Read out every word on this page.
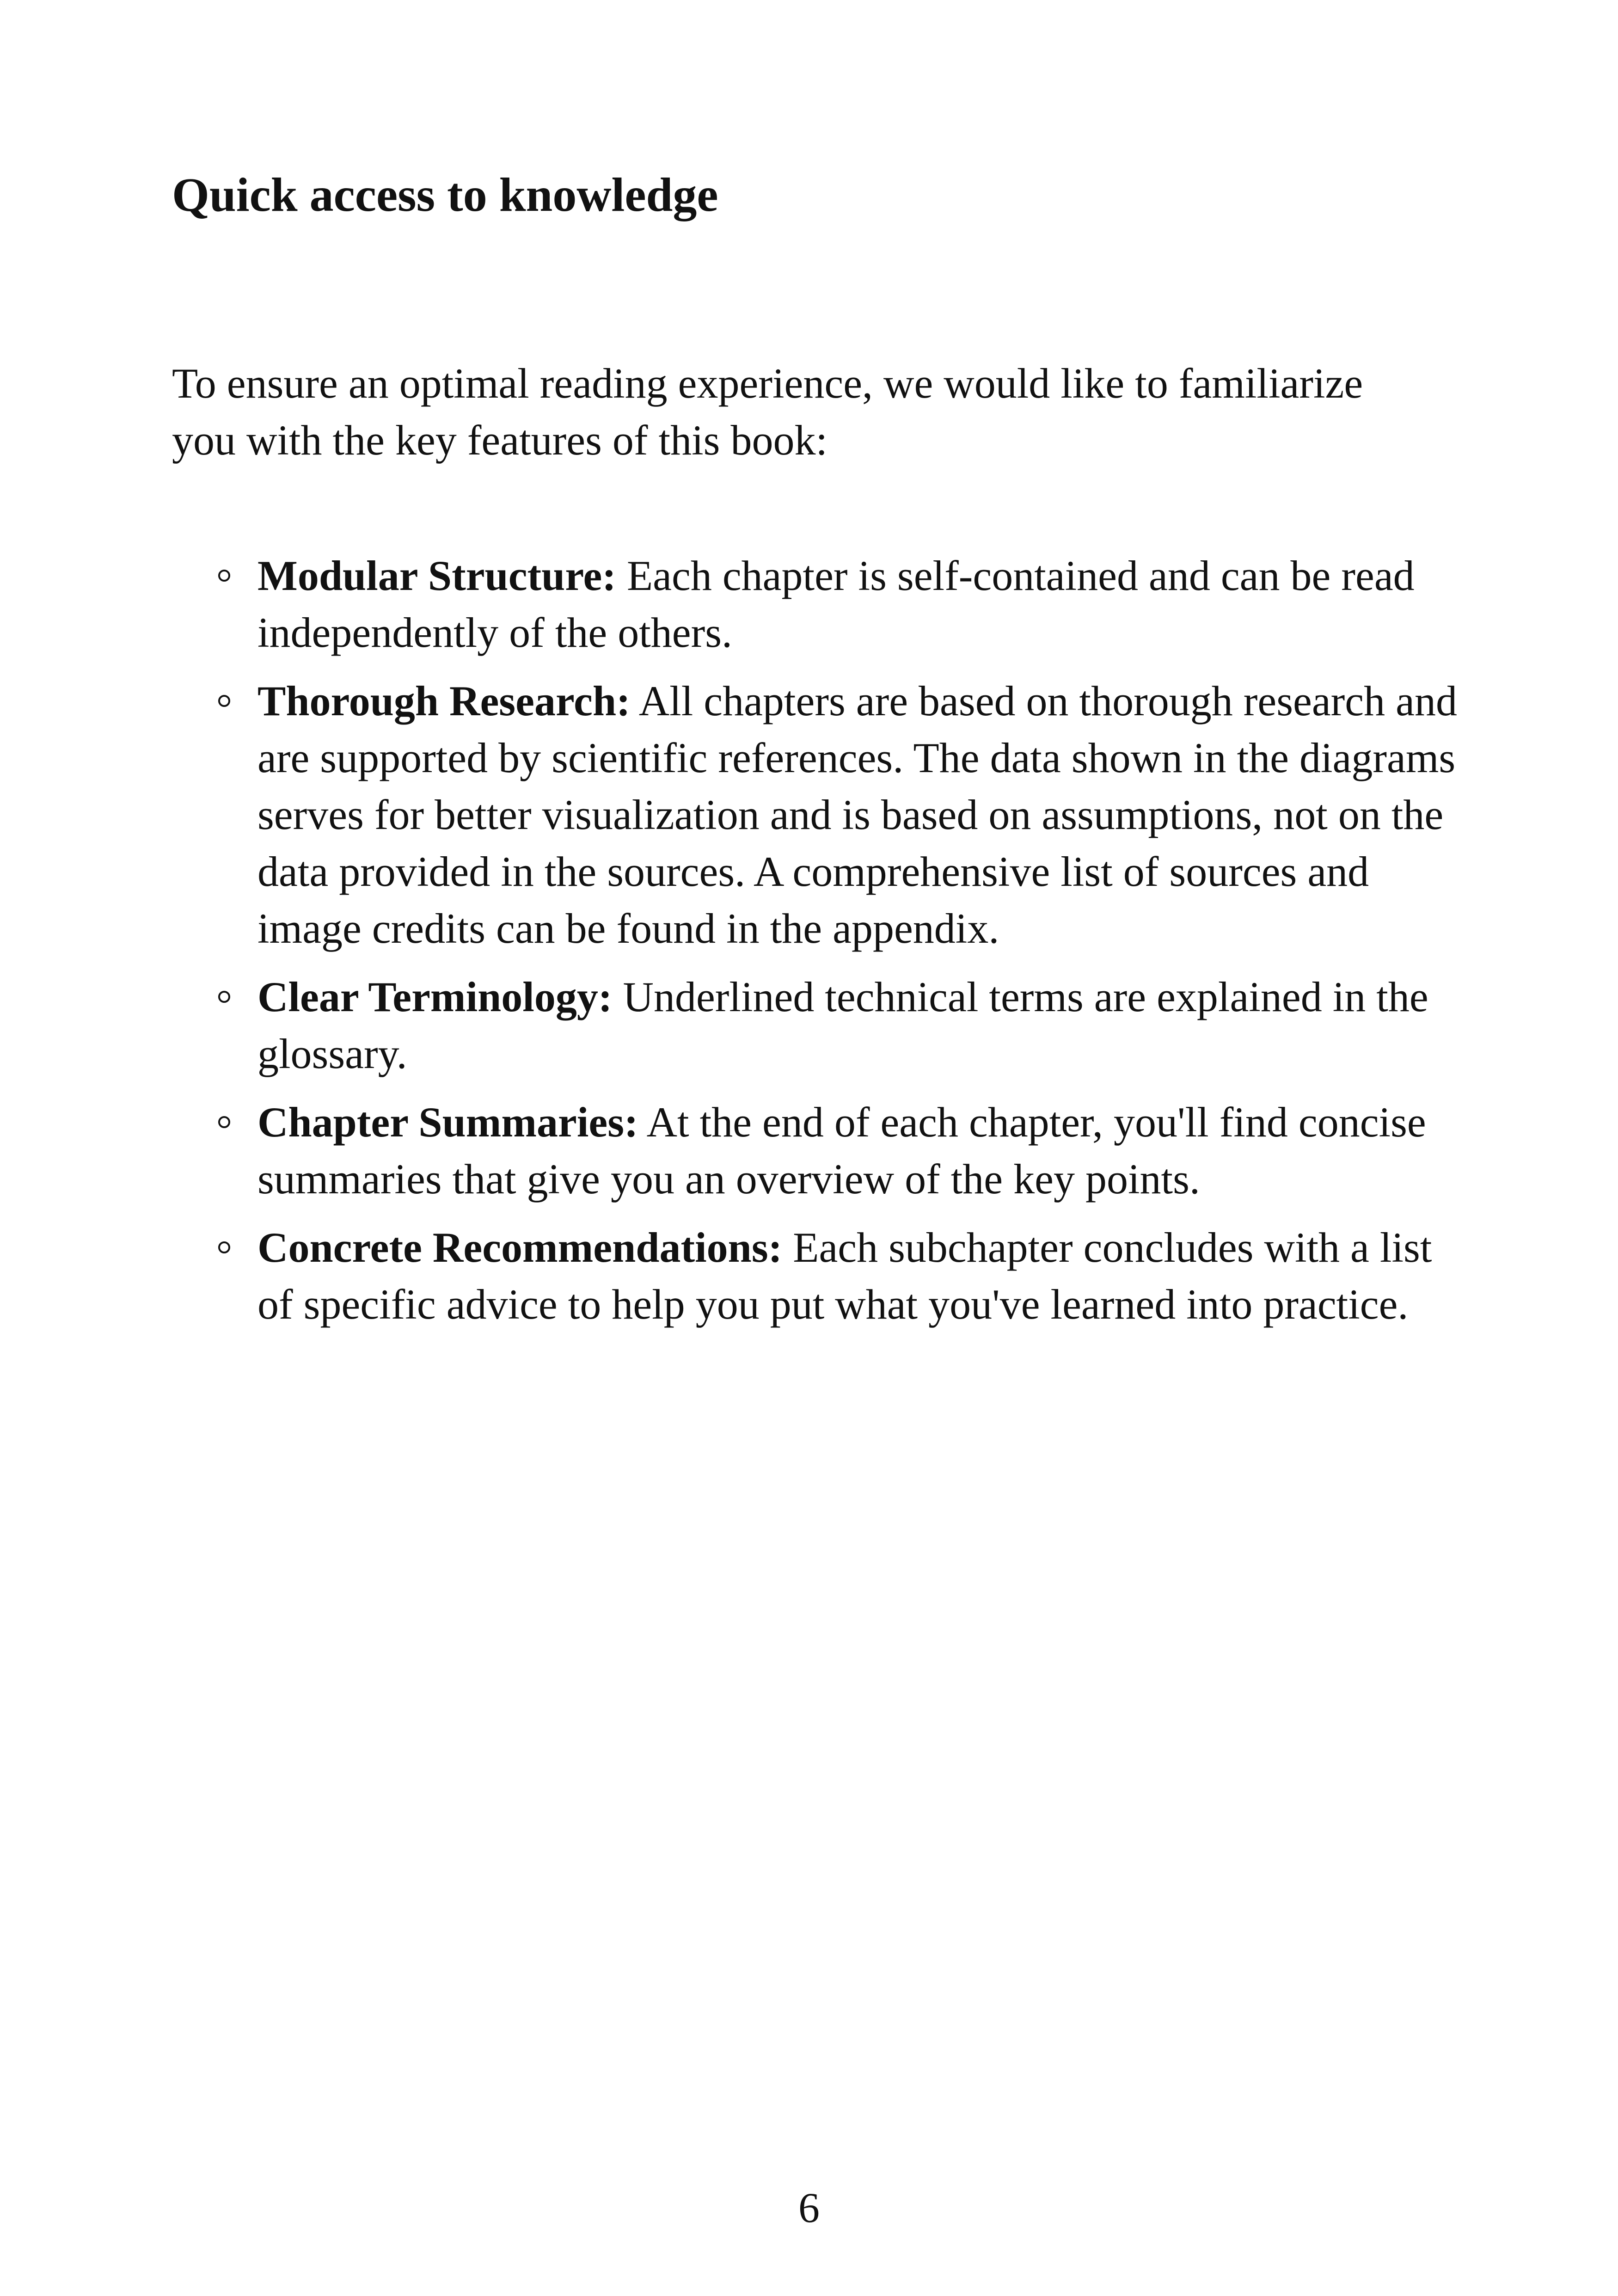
Quick access to knowledge

To ensure an optimal reading experience, we would like to familiarize you with the key features of this book:

Modular Structure: Each chapter is self-contained and can be read independently of the others.
Thorough Research: All chapters are based on thorough research and are supported by scientific references. The data shown in the diagrams serves for better visualization and is based on assumptions, not on the data provided in the sources. A comprehensive list of sources and image credits can be found in the appendix.
Clear Terminology: Underlined technical terms are explained in the glossary.
Chapter Summaries: At the end of each chapter, you'll find concise summaries that give you an overview of the key points.
Concrete Recommendations: Each subchapter concludes with a list of specific advice to help you put what you've learned into practice.
6
